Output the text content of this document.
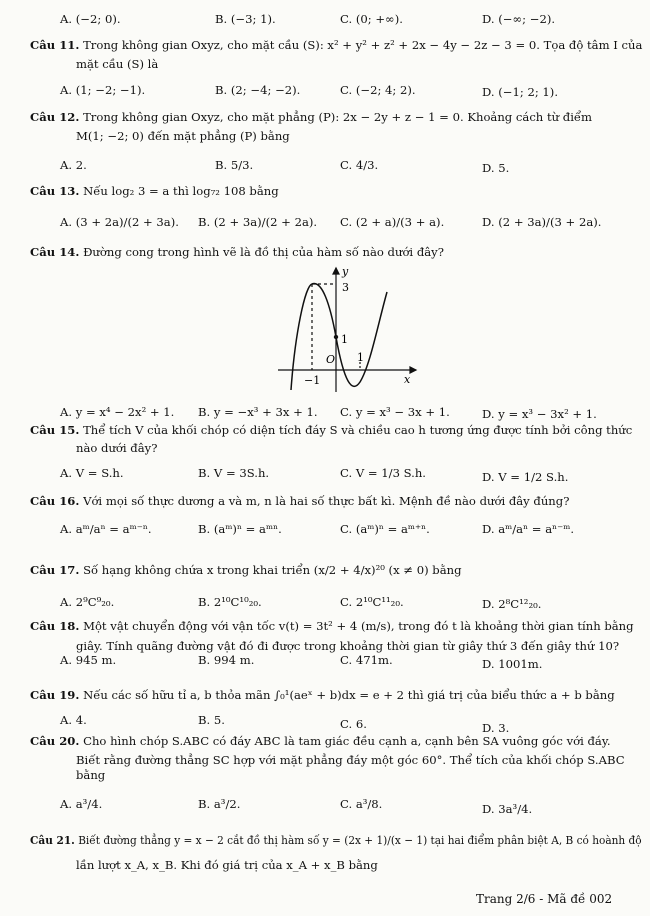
A. (−2; 0).	B. (−3; 1).	C. (0; +∞).	D. (−∞; −2).
Câu 11. Trong không gian Oxyz, cho mặt cầu (S): x² + y² + z² + 2x − 4y − 2z − 3 = 0. Tọa độ tâm I của
mặt cầu (S) là
A. (1; −2; −1).	B. (2; −4; −2).	C. (−2; 4; 2).	D. (−1; 2; 1).
Câu 12. Trong không gian Oxyz, cho mặt phẳng (P): 2x − 2y + z − 1 = 0. Khoảng cách từ điểm
M(1; −2; 0) đến mặt phẳng (P) bằng
A. 2.	B. 5/3.	C. 4/3.	D. 5.
Câu 13. Nếu log₂ 3 = a thì log₇₂ 108 bằng
A. (3 + 2a)/(2 + 3a). B. (2 + 3a)/(2 + 2a). C. (2 + a)/(3 + a).	D. (2 + 3a)/(3 + 2a).
Câu 14. Đường cong trong hình vẽ là đồ thị của hàm số nào dưới đây?
y
3
1
O 1
−1	x
A. y = x⁴ − 2x² + 1. B. y = −x³ + 3x + 1. C. y = x³ − 3x + 1.	D. y = x³ − 3x² + 1.
Câu 15. Thể tích V của khối chóp có diện tích đáy S và chiều cao h tương ứng được tính bởi công thức
nào dưới đây?
A. V = S.h.	B. V = 3S.h.	C. V = 1/3 S.h.	D. V = 1/2 S.h.
Câu 16. Với mọi số thực dương a và m, n là hai số thực bất kì. Mệnh đề nào dưới đây đúng?
A. aᵐ/aⁿ = aᵐ⁻ⁿ.	B. (aᵐ)ⁿ = aᵐⁿ.	C. (aᵐ)ⁿ = aᵐ⁺ⁿ.	D. aᵐ/aⁿ = aⁿ⁻ᵐ.
Câu 17. Số hạng không chứa x trong khai triển (x/2 + 4/x)²⁰ (x ≠ 0) bằng
A. 2⁹C⁹₂₀.	B. 2¹⁰C¹⁰₂₀.	C. 2¹⁰C¹¹₂₀.	D. 2⁸C¹²₂₀.
Câu 18. Một vật chuyển động với vận tốc v(t) = 3t² + 4 (m/s), trong đó t là khoảng thời gian tính bằng
giây. Tính quãng đường vật đó đi được trong khoảng thời gian từ giây thứ 3 đến giây thứ 10?
A. 945 m.	B. 994 m.	C. 471m.	D. 1001m.
Câu 19. Nếu các số hữu tỉ a, b thỏa mãn ∫₀¹(aeˣ + b)dx = e + 2 thì giá trị của biểu thức a + b bằng
A. 4.	B. 5.	C. 6.	D. 3.
Câu 20. Cho hình chóp S.ABC có đáy ABC là tam giác đều cạnh a, cạnh bên SA vuông góc với đáy.
Biết rằng đường thẳng SC hợp với mặt phẳng đáy một góc 60°. Thể tích của khối chóp S.ABC
bằng
A. a³/4.	B. a³/2.	C. a³/8.	D. 3a³/4.
Câu 21. Biết đường thẳng y = x − 2 cắt đồ thị hàm số y = (2x + 1)/(x − 1) tại hai điểm phân biệt A, B có hoành độ
lần lượt x_A, x_B. Khi đó giá trị của x_A + x_B bằng
Trang 2/6 - Mã đề 002
